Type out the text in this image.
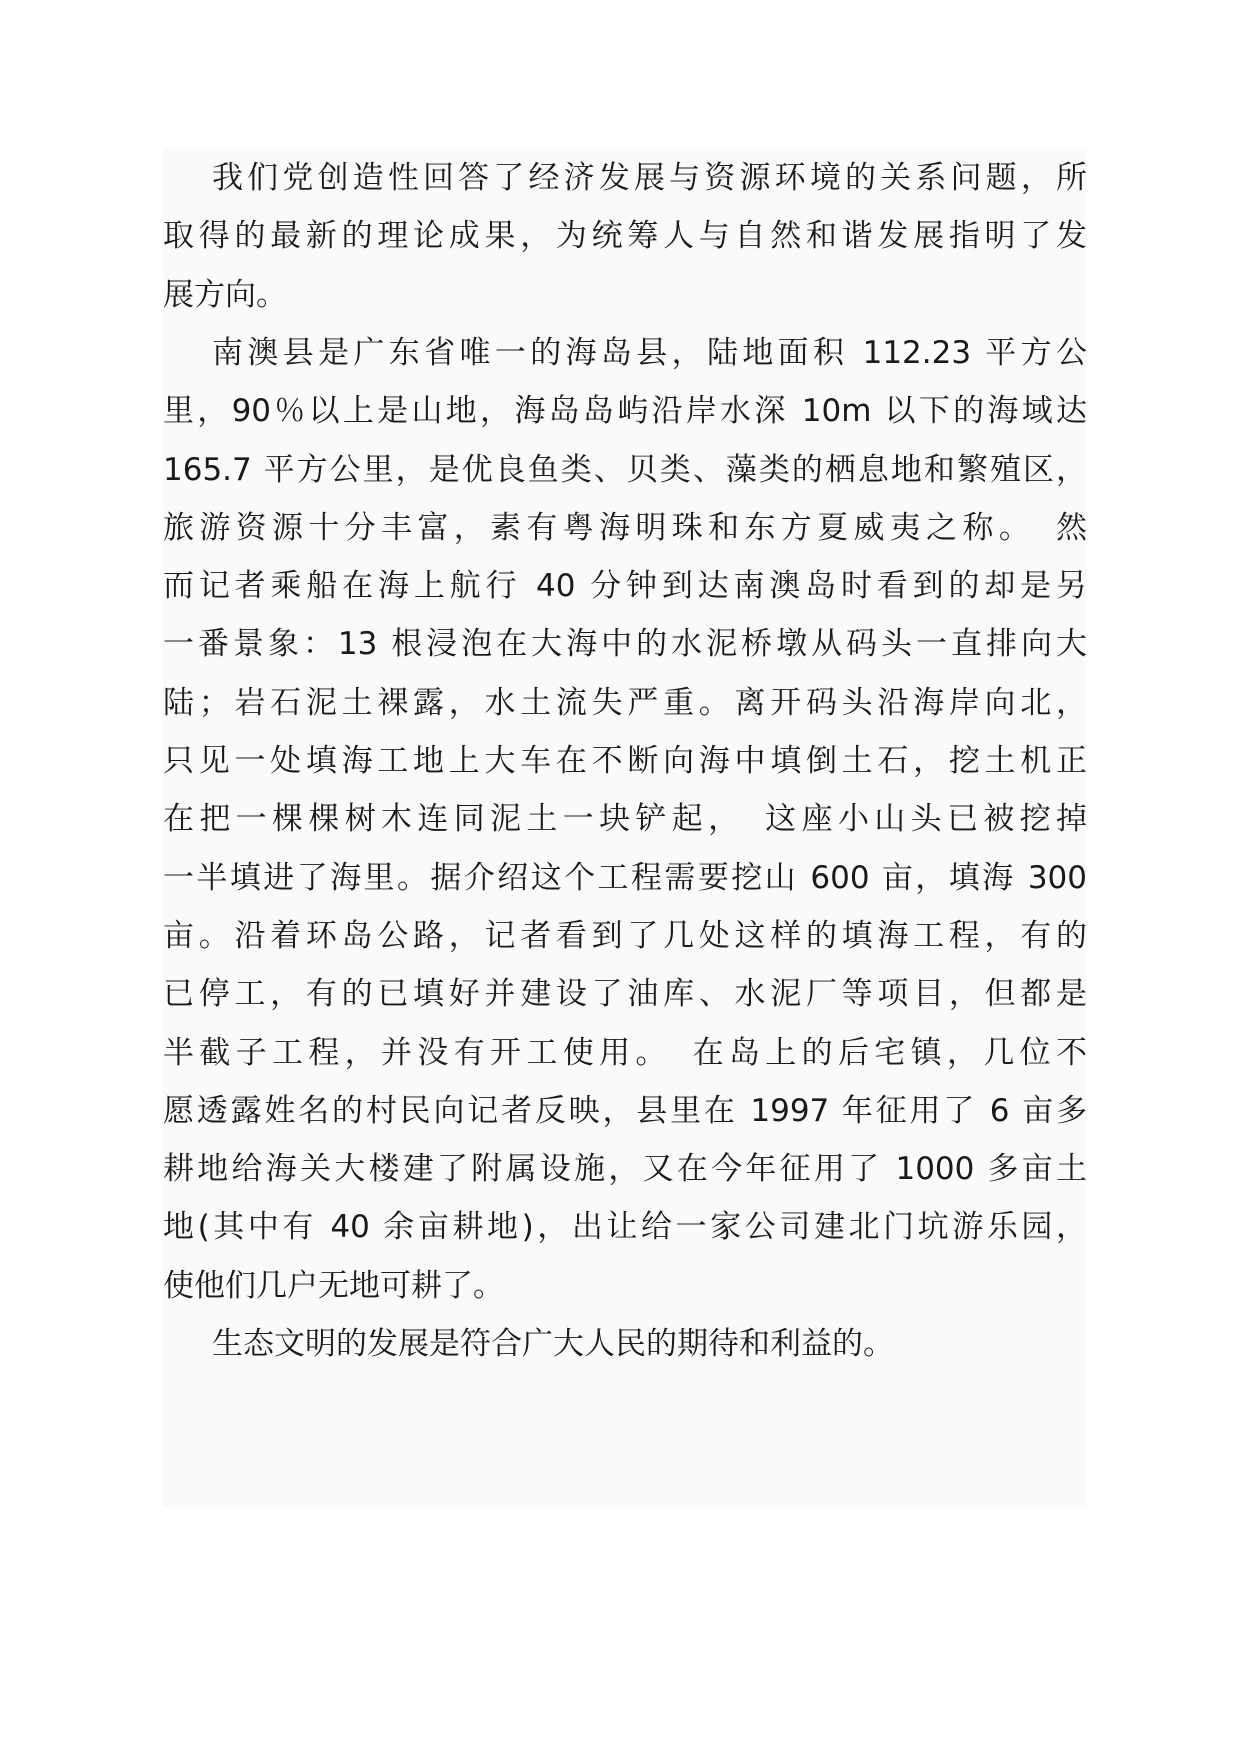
我们党创造性回答了经济发展与资源环境的关系问题，所
取得的最新的理论成果，为统筹人与自然和谐发展指明了发
展方向。
南澳县是广东省唯一的海岛县，陆地面积 112.23 平方公
里，90％以上是山地，海岛岛屿沿岸水深 10m 以下的海域达
165.7 平方公里，是优良鱼类、贝类、藻类的栖息地和繁殖区，
旅游资源十分丰富，素有粤海明珠和东方夏威夷之称。　然
而记者乘船在海上航行 40 分钟到达南澳岛时看到的却是另
一番景象：13 根浸泡在大海中的水泥桥墩从码头一直排向大
陆；岩石泥土裸露，水土流失严重。离开码头沿海岸向北，
只见一处填海工地上大车在不断向海中填倒土石，挖土机正
在把一棵棵树木连同泥土一块铲起，　这座小山头已被挖掉
一半填进了海里。据介绍这个工程需要挖山 600 亩，填海 300
亩。沿着环岛公路，记者看到了几处这样的填海工程，有的
已停工，有的已填好并建设了油库、水泥厂等项目，但都是
半截子工程，并没有开工使用。　在岛上的后宅镇，几位不
愿透露姓名的村民向记者反映，县里在 1997 年征用了 6 亩多
耕地给海关大楼建了附属设施，又在今年征用了 1000 多亩土
地(其中有 40 余亩耕地)，出让给一家公司建北门坑游乐园，
使他们几户无地可耕了。
生态文明的发展是符合广大人民的期待和利益的。
